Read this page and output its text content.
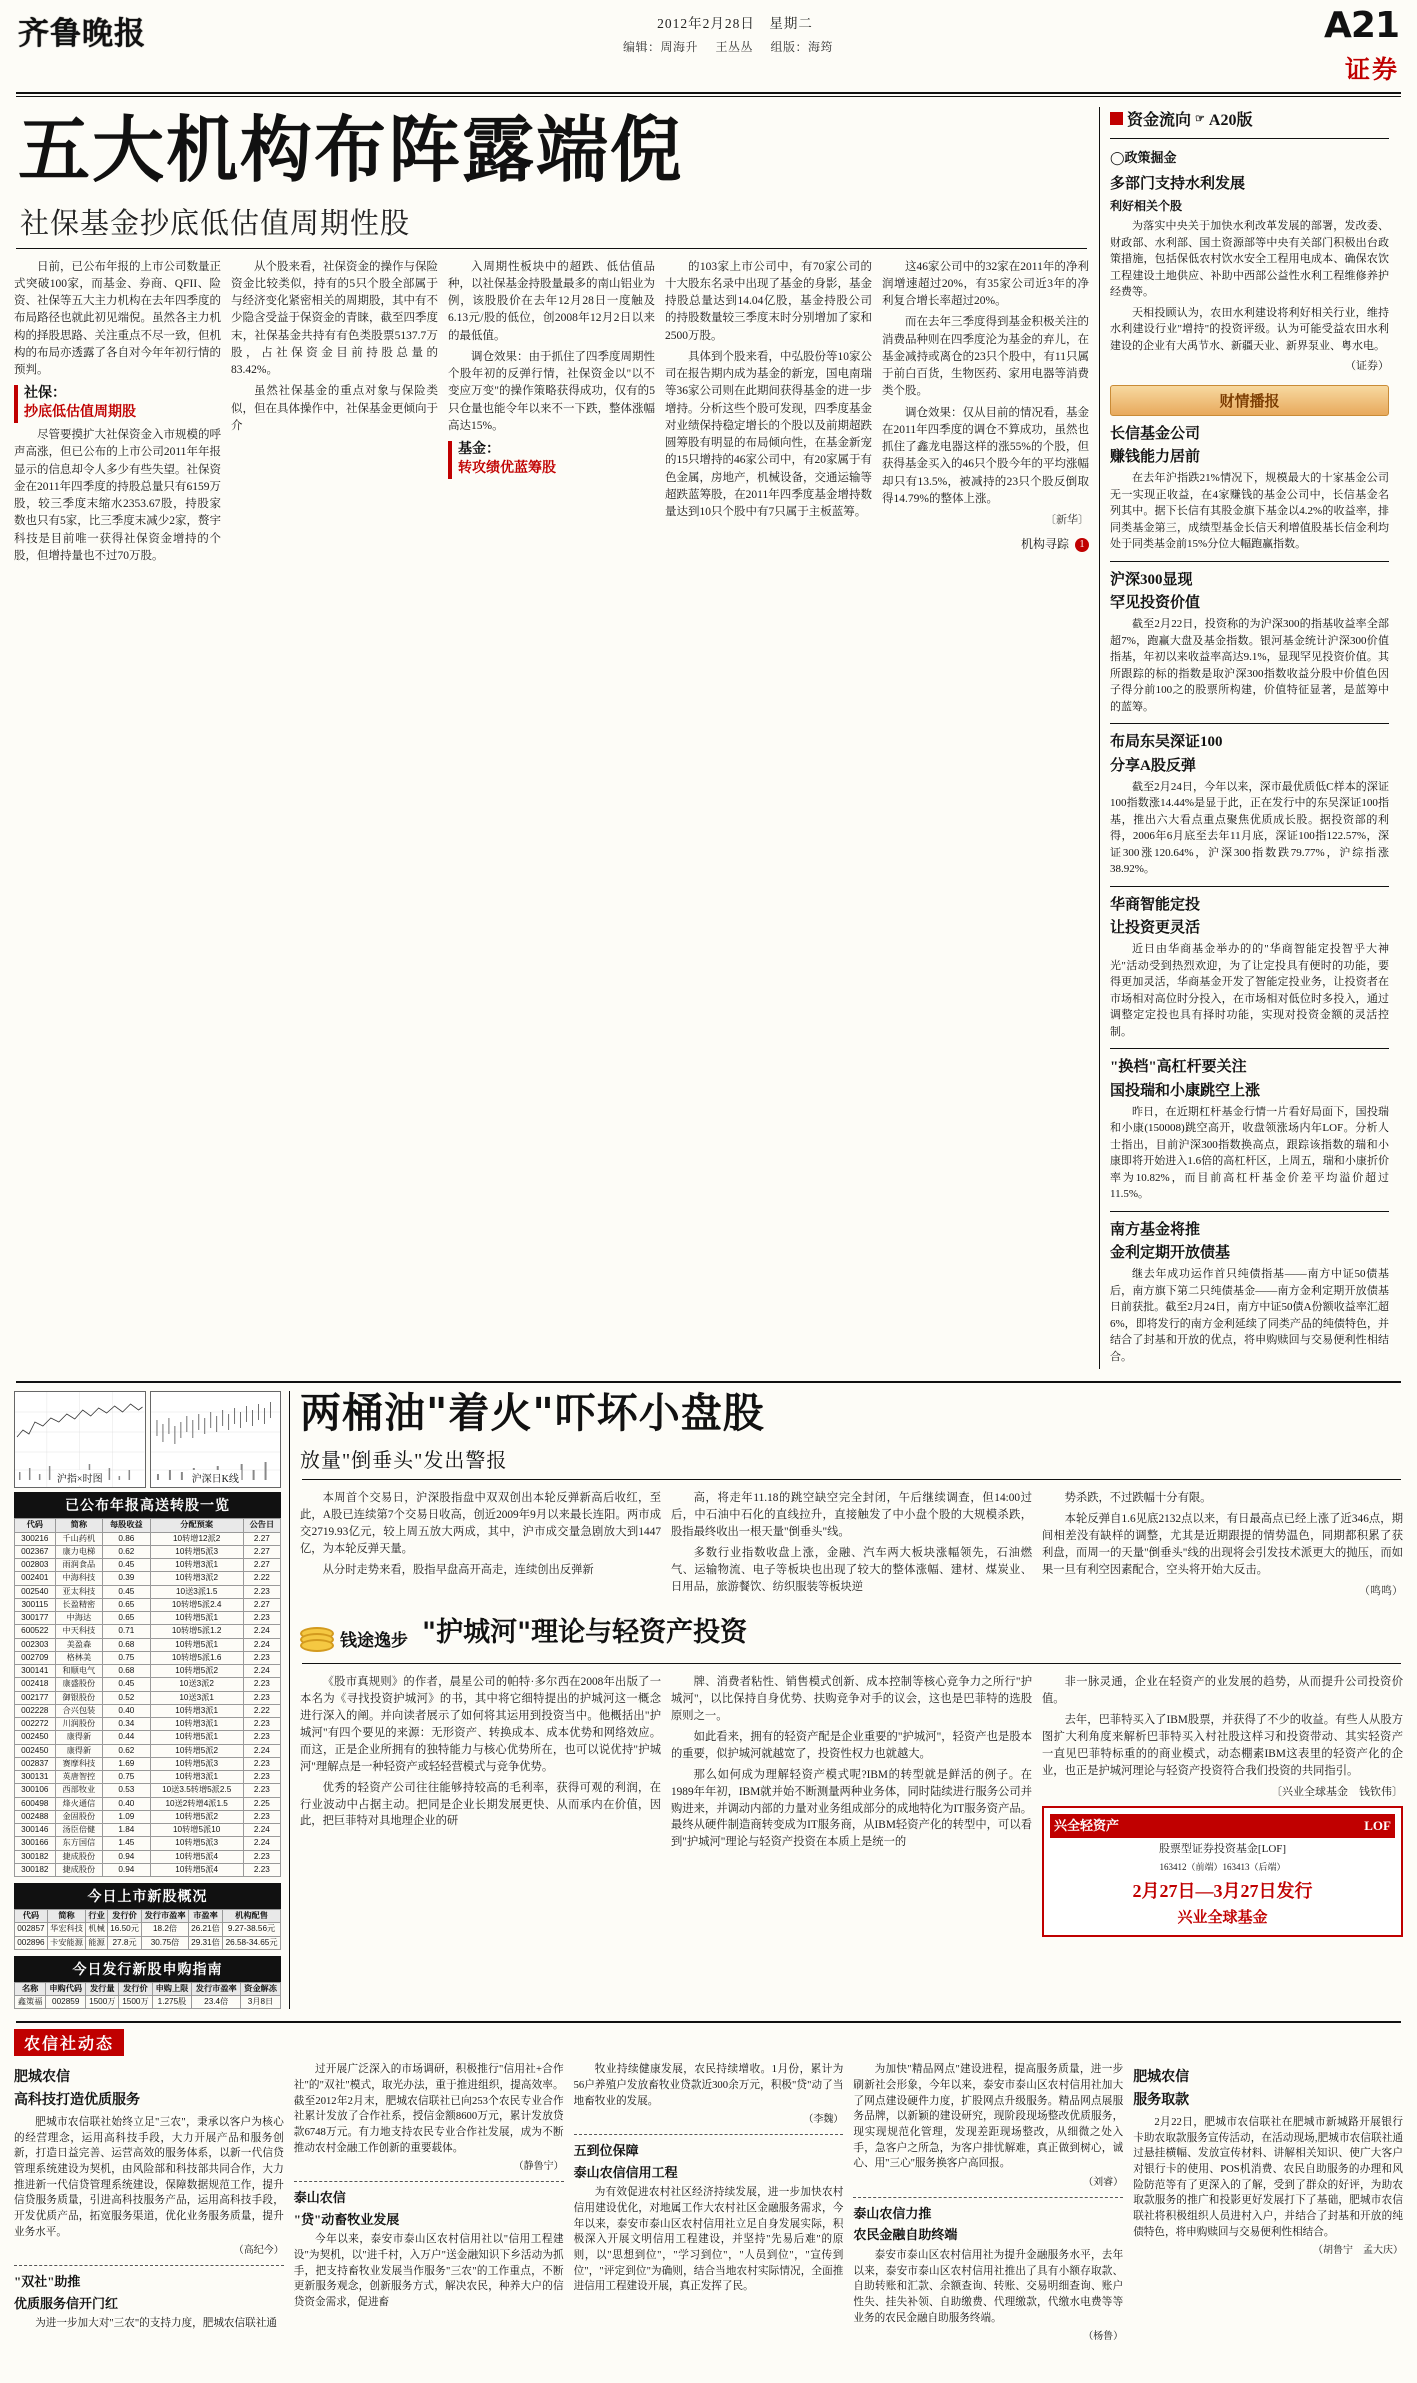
齐鲁晚报	2012年2月28日　星期二
编辑：周海升 王丛丛 组版：海筠
A21
证券
五大机构布阵露端倪
社保基金抄底低估值周期性股

日前，已公布年报的上市公司数量正式突破100家，而基金、券商、QFII、险资、社保等五大主力机构在去年四季度的布局路径也就此初见端倪。虽然各主力机构的择股思路、关注重点不尽一致，但机构的布局亦透露了各自对今年年初行情的预判。

社保：
抄底低估值周期股

尽管要摸扩大社保资金入市规模的呼声高涨，但已公布的上市公司2011年年报显示的信息却令人多少有些失望。社保资金在2011年四季度的持股总量只有6159万股，较三季度末缩水2353.67股，持股家数也只有5家，比三季度末减少2家，赘宇科技是目前唯一获得社保资金增持的个股，但增持量也不过70万股。

从个股来看，社保资金的操作与保险资金比较类似，持有的5只个股全部属于与经济变化紧密相关的周期股，其中有不少隐含受益于保资金的青睐，截至四季度末，社保基金共持有有色类股票5137.7万股，占社保资金目前持股总量的83.42%。

虽然社保基金的重点对象与保险类似，但在具体操作中，社保基金更倾向于介

入周期性板块中的超跌、低估值品种，以社保基金持股量最多的南山铝业为例，该股股价在去年12月28日一度触及6.13元/股的低位，创2008年12月2日以来的最低值。

调仓效果：由于抓住了四季度周期性个股年初的反弹行情，社保资金以"以不变应万变"的操作策略获得成功，仅有的5只仓量也能令年以来不一下跌，整体涨幅高达15%。

基金：
转攻绩优蓝筹股

的103家上市公司中，有70家公司的十大股东名录中出现了基金的身影，基金持股总量达到14.04亿股，基金持股公司的持股数量较三季度末时分别增加了家和2500万股。

具体到个股来看，中弘股份等10家公司在报告期内成为基金的新宠，国电南瑞等36家公司则在此期间获得基金的进一步增持。分析这些个股可发现，四季度基金对业绩保持稳定增长的个股以及前期超跌圆筹股有明显的布局倾向性，在基金新宠的15只增持的46家公司中，有20家属于有色金属，房地产，机械设备，交通运输等超跌蓝筹股，在2011年四季度基金增持数量达到10只个股中有7只属于主板蓝筹。

这46家公司中的32家在2011年的净利润增速超过20%，有35家公司近3年的净利复合增长率超过20%。

而在去年三季度得到基金积极关注的消费品种则在四季度沦为基金的弃儿，在基金减持或离仓的23只个股中，有11只属于前白百货，生物医药、家用电器等消费类个股。

调仓效果：仅从目前的情况看，基金在2011年四季度的调仓不算成功，虽然也抓住了鑫龙电器这样的涨55%的个股，但获得基金买入的46只个股今年的平均涨幅却只有13.5%，被减持的23只个股反倒取得14.79%的整体上涨。

〔新华〕
机构寻踪 1
资金流向 ☞ A20版
◯政策掘金
多部门支持水利发展
利好相关个股

为落实中央关于加快水利改革发展的部署，发改委、财政部、水利部、国土资源部等中央有关部门积极出台政策措施，包括保低农村饮水安全工程用电成本、确保农饮工程建设土地供应、补助中西部公益性水利工程维修养护经费等。

天相投顾认为，农田水利建设将利好相关行业，维持水利建设行业"增持"的投资评级。认为可能受益农田水利建设的企业有大禹节水、新疆天业、新界泵业、粤水电。

（证券）
财情播报
长信基金公司
赚钱能力居前

在去年沪指跌21%情况下，规模最大的十家基金公司无一实现正收益，在4家赚钱的基金公司中，长信基金名列其中。据下长信有其股金旗下基金以4.2%的收益率，排同类基金第三，成绩型基金长信天利增值股基长信金利均处于同类基金前15%分位大幅跑赢指数。

沪深300显现
罕见投资价值

截至2月22日，投资称的为沪深300的指基收益率全部超7%，跑赢大盘及基金指数。银河基金统计沪深300价值指基，年初以来收益率高达9.1%，显现罕见投资价值。其所跟踪的标的指数是取沪深300指数收益分股中价值色因子得分前100之的股票所构建，价值特征显著，是蓝筹中的蓝筹。

布局东吴深证100
分享A股反弹

截至2月24日，今年以来，深市最优质低C样本的深证100指数涨14.44%是显于此，正在发行中的东吴深证100指基，推出六大看点重点聚焦优质成长股。据投资部的利得，2006年6月底至去年11月底，深证100指122.57%，深证300涨120.64%，沪深300指数跌79.77%，沪综指涨38.92%。

华商智能定投
让投资更灵活

近日由华商基金举办的的"华商智能定投智乎大神光"活动受到热烈欢迎，为了让定投具有便时的功能，要得更加灵活，华商基金开发了智能定投业务，让投资者在市场相对高位时分投入，在市场相对低位时多投入，通过调整定定投也具有择时功能，实现对投资金额的灵活控制。

"换档"高杠杆要关注
国投瑞和小康跳空上涨

昨日，在近期杠杆基金行情一片看好局面下，国投瑞和小康(150008)跳空高开，收盘领涨场内年LOF。分析人士指出，目前沪深300指数换高点，跟踪该指数的瑞和小康即将开始进入1.6倍的高杠杆区，上周五，瑞和小康折价率为10.82%，而目前高杠杆基金价差平均溢价超过11.5%。

南方基金将推
金利定期开放债基

继去年成功运作首只纯债指基——南方中证50债基后，南方旗下第二只纯债基金——南方金利定期开放债基日前获批。截至2月24日，南方中证50债A份额收益率汇超6%，即将发行的南方金利延续了同类产品的纯债特色，并结合了封基和开放的优点，将申购赎回与交易便利性相结合。

沪指×时图	沪深日K线
已公布年报高送转股一览
代码	简称	每股收益	分配预案	公告日
300216	千山药机	0.86	10转增12派2	2.27
002367	康力电梯	0.62	10转增5派3	2.27
002803	雨润食品	0.45	10转增3派1	2.27
002401	中海科技	0.39	10转增3派2	2.22
002540	亚太科技	0.45	10送3派1.5	2.23
300115	长盈精密	0.65	10转增5派2.4	2.27
300177	中海达	0.65	10转增5派1	2.23
600522	中天科技	0.71	10转增5派1.2	2.24
002303	美盈森	0.68	10转增5派1	2.24
002709	格林美	0.75	10转增5派1.6	2.23
300141	和顺电气	0.68	10转增5派2	2.24
002418	康盛股份	0.45	10送3派2	2.23
002177	御银股份	0.52	10送3派1	2.23
002228	合兴包装	0.40	10转增3派1	2.22
002272	川润股份	0.34	10转增3派1	2.23
002450	康得新	0.44	10转增5派1	2.23
002450	康得新	0.62	10转增5派2	2.24
002837	赛摩科技	1.69	10转增5派3	2.23
300131	英唐智控	0.75	10转增3派1	2.23
300106	西部牧业	0.53	10送3.5转增5派2.5	2.23
600498	烽火通信	0.40	10送2转增4派1.5	2.25
002488	金固股份	1.09	10转增5派2	2.23
300146	汤臣倍健	1.84	10转增5派10	2.24
300166	东方国信	1.45	10转增5派3	2.24
300182	捷成股份	0.94	10转增5派4	2.23
300182	捷成股份	0.94	10转增5派4	2.23
今日上市新股概况
代码	简称	行业	发行价	发行市盈率	市盈率	机构配售
002857	华宏科技	机械	16.50元	18.2倍	26.21倍	9.27-38.56元
002896	卡安能源	能源	27.8元	30.75倍	29.31倍	26.58-34.65元
今日发行新股申购指南
名称	申购代码	发行量	发行价	申购上限	发行市盈率	资金解冻
鑫策福	002859	1500万	1500万	1.275股	23.4倍	3月8日
两桶油"着火"吓坏小盘股
放量"倒垂头"发出警报

本周首个交易日，沪深股指盘中双双创出本轮反弹新高后收红，至此，A股已连续第7个交易日收高，创近2009年9月以来最长连阳。两市成交2719.93亿元，较上周五放大两成，其中，沪市成交量急剧放大到1447亿，为本轮反弹天量。

从分时走势来看，股指早盘高开高走，连续创出反弹新

高，将走年11.18的跳空缺空完全封闭，午后继续调查，但14:00过后，中石油中石化的直线拉升，直接触发了中小盘个股的大规模杀跌，股指最终收出一根天量"倒垂头"线。

多数行业指数收盘上涨，金融、汽车两大板块涨幅领先，石油燃气、运输物流、电子等板块也出现了较大的整体涨幅、建材、煤炭业、日用品，旅游餐饮、纺织服装等板块逆

势杀跌，不过跌幅十分有限。

本轮反弹自1.6见底2132点以来，有日最高点已经上涨了近346点，期间相差没有缺样的调整，尤其是近期跟提的情势温色，同期都积累了获利盘，而周一的天量"倒垂头"线的出现将会引发技术派更大的抛压，而如果一旦有利空因素配合，空头将开始大反击。

（鸣鸣）
钱途逸步 "护城河"理论与轻资产投资

《股市真规则》的作者，晨星公司的帕特·多尔西在2008年出版了一本名为《寻找投资护城河》的书，其中将它细特提出的护城河这一概念进行深入的阐。并向读者展示了如何将其运用到投资当中。他概括出"护城河"有四个要见的来源：无形资产、转换成本、成本优势和网络效应。而这，正是企业所拥有的独特能力与核心优势所在，也可以说优持"护城河"理解点是一种轻资产或轻轻营模式与竞争优势。

优秀的轻资产公司往往能够持较高的毛利率，获得可观的利润，在行业波动中占据主动。把同是企业长期发展更快、从而承内在价值，因此，把巨菲特对具地理企业的研

牌、消费者粘性、销售模式创新、成本控制等核心竞争力之所行"护城河"，以比保持自身优势、扶购竞争对手的议会，这也是巴菲特的选股原则之一。

如此看来，拥有的轻资产配是企业重要的"护城河"，轻资产也是股本的重要，似护城河就越宽了，投资性权力也就越大。

那么如何成为理解轻资产模式呢?IBM的转型就是鲜活的例子。在1989年年初，IBM就并始不断测量两种业务体，同时陆续进行服务公司并购进来，并调动内部的力量对业务组成部分的成地特化为IT服务资产品。最终从硬件制造商转变成为IT服务商，从IBM轻资产化的转型中，可以看到"护城河"理论与轻资产投资在本质上是统一的

非一脉灵通，企业在轻资产的业发展的趋势，从而提升公司投资价值。

去年，巴菲特买入了IBM股票，并获得了不少的收益。有些人从股方图扩大利角度来解析巴菲特买入村社股这样习和投资带动、其实轻资产一直见巴菲特标重的的商业模式，动态棚素IBM这表里的轻资产化的企业，也正是护城河理论与轻资产投资符合我们投资的共同指引。

〔兴业全球基金　钱钦伟〕
兴全轻资产	LOF
股票型证券投资基金[LOF]
163412（前端）163413（后端）
2月27日—3月27日发行
兴业全球基金
农信社动态
肥城农信
高科技打造优质服务

肥城市农信联社始终立足"三农"，秉承以客户为核心的经营理念，运用高科技手段，大力开展产品和服务创新，打造日益完善、运营高效的服务体系，以新一代信贷管理系统建设为契机，由风险部和科技部共同合作，大力推进新一代信贷管理系统建设，保障数据规范工作，提升信贷服务质量，引进高科技服务产品，运用高科技手段，开发优质产品，拓宽服务渠道，优化业务服务质量，提升业务水平。

（高纪今）
"双社"助推
优质服务信开门红

为进一步加大对"三农"的支持力度，肥城农信联社通

过开展广泛深入的市场调研，积极推行"信用社+合作社"的"双社"模式，取光办法，重于推进组织，提高效率。截至2012年2月末，肥城农信联社已向253个农民专业合作社累计发放了合作社系，授信金额8600万元，累计发放贷款6748万元。有力地支持农民专业合作社发展，成为不断推动农村金融工作创新的重要载体。

（静鲁宁）
泰山农信
"贷"动畜牧业发展

今年以来，泰安市泰山区农村信用社以"信用工程建设"为契机，以"进千村，入万户"送金融知识下乡活动为抓手，把支持畜牧业发展当作服务"三农"的工作重点，不断更新服务观念，创新服务方式，解决农民，种养大户的信贷资金需求，促进畜

牧业持续健康发展，农民持续增收。1月份，累计为56户养殖户发放畜牧业贷款近300余万元，积极"贷"动了当地畜牧业的发展。

（李魏）
五到位保障
泰山农信信用工程

为有效促进农村社区经济持续发展，进一步加快农村信用建设优化，对地属工作大农村社区金融服务需求，今年以来，泰安市泰山区农村信用社立足自身发展实际，积极深入开展文明信用工程建设，并坚持"先易后难"的原则，以"思想到位"，"学习到位"，"人员到位"，"宣传到位"，"评定到位"为确则，结合当地农村实际情况，全面推进信用工程建设开展，真正发挥了民。

为加快"精品网点"建设进程，提高服务质量，进一步刷新社会形象，今年以来，泰安市泰山区农村信用社加大了网点建设硬件力度，扩股网点升级服务。精品网点展服务品牌，以新颖的建设研究，现阶段现场整改优质服务，现实现规范化管理，发现差距现场整改，从细微之处入手，急客户之所急，为客户排忧解难，真正做到树心，诚心、用"三心"服务换客户高回报。

（刘睿）
泰山农信力推
农民金融自助终端

泰安市泰山区农村信用社为提升金融服务水平，去年以来，泰安市泰山区农村信用社推出了具有小额存取款、自助转账和汇款、余额查询、转账、交易明细查询、账户性失、挂失补领、自助缴费、代理缴款，代缴水电费等等业务的农民金融自助服务终端。

（杨鲁）
肥城农信
服务取款

2月22日，肥城市农信联社在肥城市新城路开展银行卡助农取款服务宣传活动，在活动现场,肥城市农信联社通过悬挂横幅、发放宣传材料、讲解相关知识、使广大客户对银行卡的使用、POS机消费、农民自助服务的办理和风险防范等有了更深入的了解，受到了群众的好评，为助农取款服务的推广和投影更好发展打下了基础，肥城市农信联社将积极组织人员进村入户，并结合了封基和开放的纯债特色，将申购赎回与交易便利性相结合。

（胡鲁宁　孟大庆）
